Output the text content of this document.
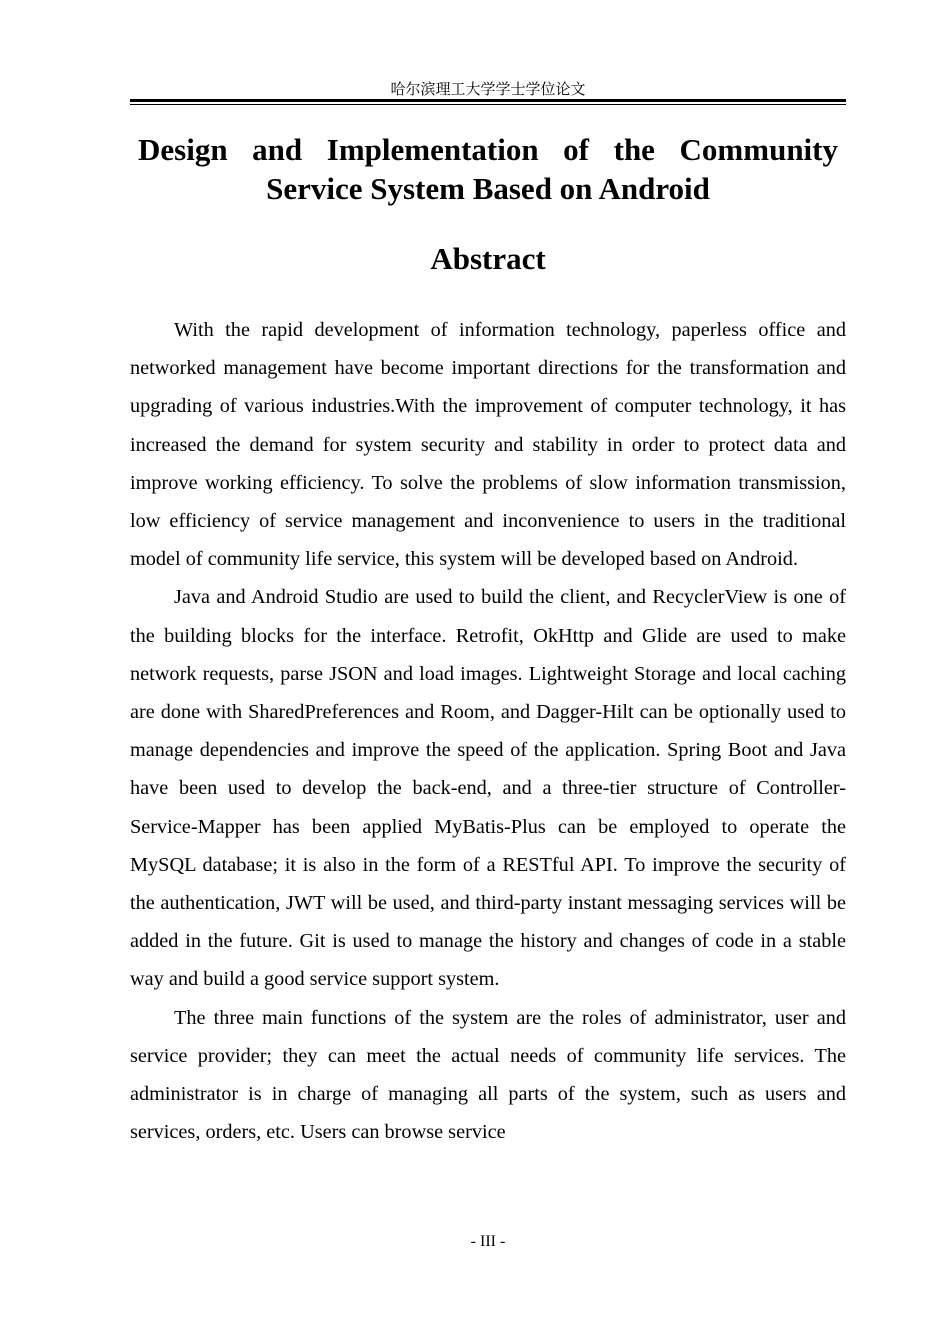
哈尔滨理工大学学士学位论文
Design and Implementation of the Community
Service System Based on Android
Abstract

With the rapid development of information technology, paperless office and networked management have become important directions for the transformation and upgrading of various industries.With the improvement of computer technology, it has increased the demand for system security and stability in order to protect data and improve working efficiency. To solve the problems of slow information transmission, low efficiency of service management and inconvenience to users in the traditional model of community life service, this system will be developed based on Android.

Java and Android Studio are used to build the client, and RecyclerView is one of the building blocks for the interface. Retrofit, OkHttp and Glide are used to make network requests, parse JSON and load images. Lightweight Storage and local caching are done with SharedPreferences and Room, and Dagger-Hilt can be optionally used to manage dependencies and improve the speed of the application. Spring Boot and Java have been used to develop the back-end, and a three-tier structure of Controller-Service-Mapper has been applied MyBatis-Plus can be employed to operate the MySQL database; it is also in the form of a RESTful API. To improve the security of the authentication, JWT will be used, and third-party instant messaging services will be added in the future. Git is used to manage the history and changes of code in a stable way and build a good service support system.

The three main functions of the system are the roles of administrator, user and service provider; they can meet the actual needs of community life services. The administrator is in charge of managing all parts of the system, such as users and services, orders, etc. Users can browse service

- III -
